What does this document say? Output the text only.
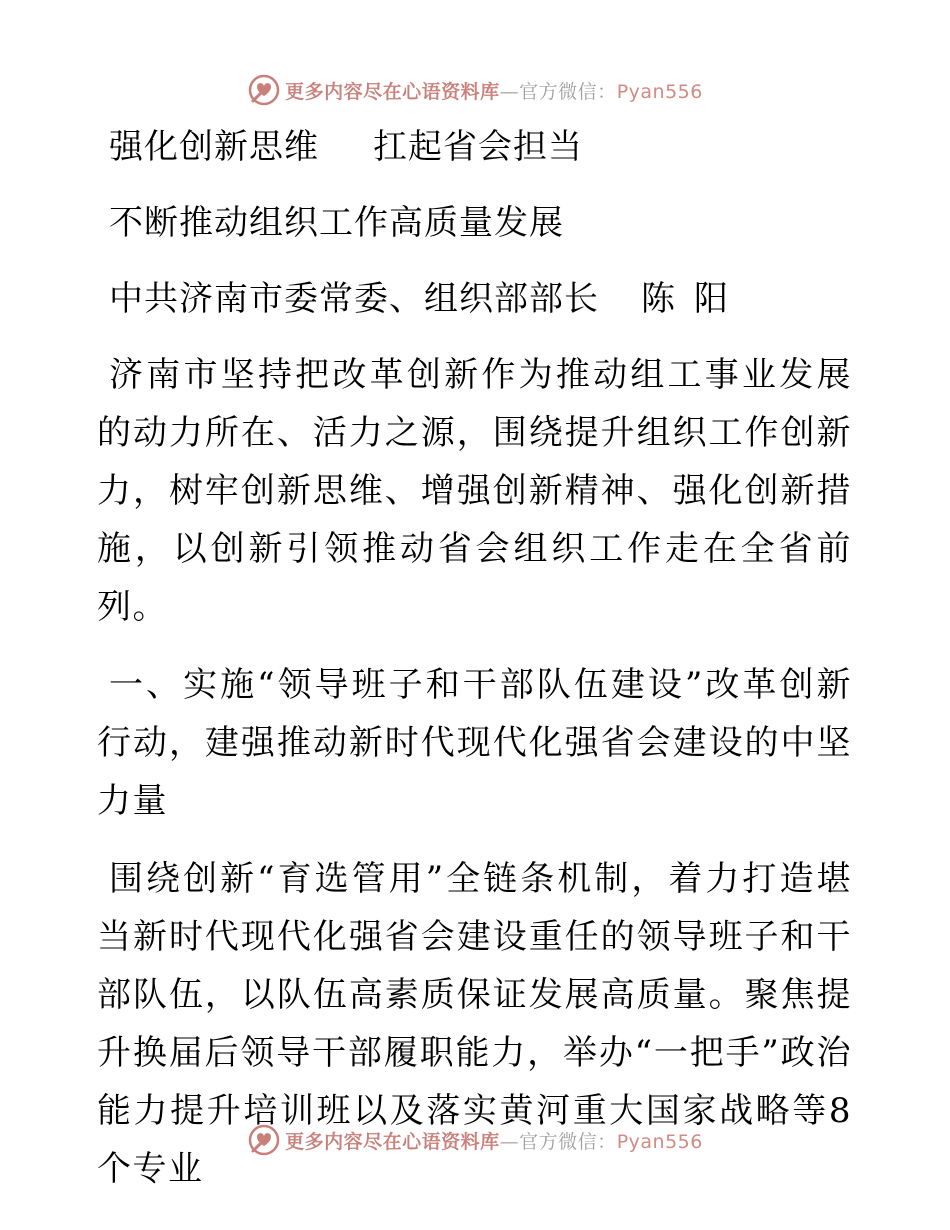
更多内容尽在心语资料库—官方微信：Pyan556
强化创新思维 扛起省会担当
不断推动组织工作高质量发展
中共济南市委常委、组织部部长 陈 阳

济南市坚持把改革创新作为推动组工事业发展的动力所在、活力之源，围绕提升组织工作创新力，树牢创新思维、增强创新精神、强化创新措施，以创新引领推动省会组织工作走在全省前列。

一、实施“领导班子和干部队伍建设”改革创新行动，建强推动新时代现代化强省会建设的中坚力量

围绕创新“育选管用”全链条机制，着力打造堪当新时代现代化强省会建设重任的领导班子和干部队伍，以队伍高素质保证发展高质量。聚焦提升换届后领导干部履职能力，举办“一把手”政治能力提升培训班以及落实黄河重大国家战略等8个专业

更多内容尽在心语资料库—官方微信：Pyan556
